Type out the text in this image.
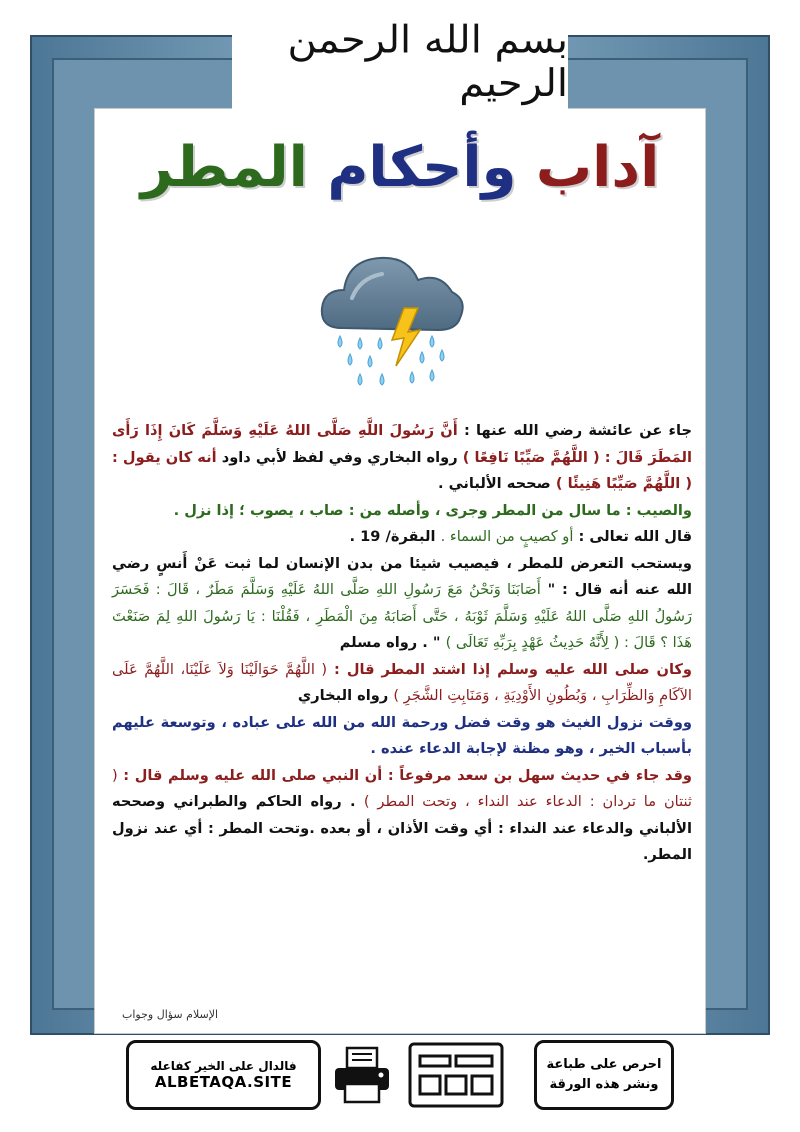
بسم الله الرحمن الرحيم
آداب وأحكام المطر

جاء عن عائشة رضي الله عنها : أَنَّ رَسُولَ اللَّهِ صَلَّى اللهُ عَلَيْهِ وَسَلَّمَ كَانَ إِذَا رَأَى المَطَرَ قَالَ : ( اللَّهُمَّ صَيِّبًا نَافِعًا ) رواه البخاري وفي لفظ لأبي داود أنه كان يقول : ( اللَّهُمَّ صَيِّبًا هَنِيئًا ) صححه الألباني .

والصيب : ما سال من المطر وجرى ، وأصله من : صاب ، يصوب ؛ إذا نزل .

قال الله تعالى : أو كصيبٍ من السماء . البقرة/ 19 .

ويستحب التعرض للمطر ، فيصيب شيئا من بدن الإنسان لما ثبت عَنْ أَنسٍ رضي الله عنه أنه قال : " أَصَابَنَا وَنَحْنُ مَعَ رَسُولِ اللهِ صَلَّى اللهُ عَلَيْهِ وَسَلَّمَ مَطَرٌ ، قَالَ : فَحَسَرَ رَسُولُ اللهِ صَلَّى اللهُ عَلَيْهِ وَسَلَّمَ ثَوْبَهُ ، حَتَّى أَصَابَهُ مِنَ الْمَطَرِ ، فَقُلْنَا : يَا رَسُولَ اللهِ لِمَ صَنَعْتَ هَذَا ؟ قَالَ : ( لِأَنَّهُ حَدِيثُ عَهْدٍ بِرَبِّهِ تَعَالَى ) " . رواه مسلم

وكان صلى الله عليه وسلم إذا اشتد المطر قال : ( اللَّهُمَّ حَوَالَيْنَا وَلاَ عَلَيْنَا، اللَّهُمَّ عَلَى الآكَامِ وَالظِّرَابِ ، وَبُطُونِ الأَوْدِيَةِ ، وَمَنَابِتِ الشَّجَرِ ) رواه البخاري

ووقت نزول الغيث هو وقت فضل ورحمة الله من الله على عباده ، وتوسعة عليهم بأسباب الخير ، وهو مظنة لإجابة الدعاء عنده .

وقد جاء في حديث سهل بن سعد مرفوعاً : أن النبي صلى الله عليه وسلم قال : ( ثنتان ما تردان : الدعاء عند النداء ، وتحت المطر ) . رواه الحاكم والطبراني وصححه الألباني والدعاء عند النداء : أي وقت الأذان ، أو بعده .وتحت المطر : أي عند نزول المطر.

الإسلام سؤال وجواب
احرص على طباعة
ونشر هذه الورقة
فالدال على الخير كفاعله
ALBETAQA.SITE
